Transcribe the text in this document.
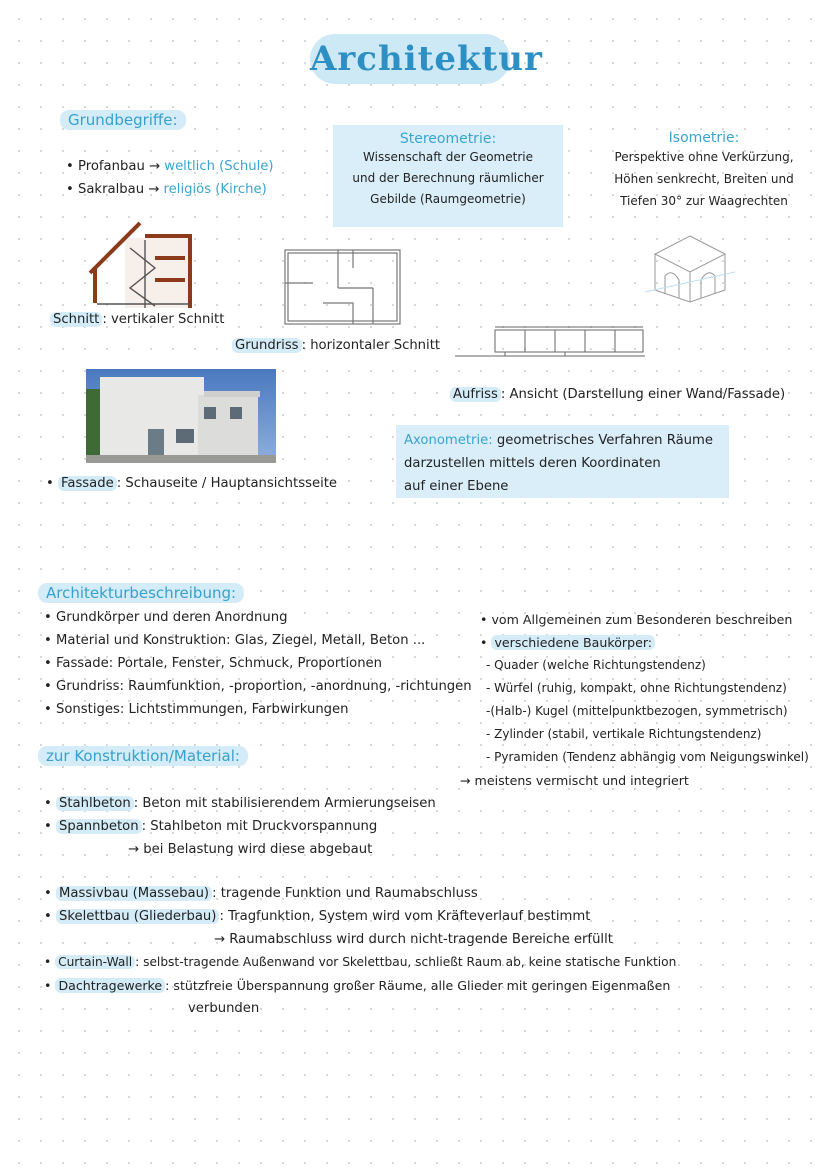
Architektur
Grundbegriffe:
• Profanbau → weltlich (Schule)
• Sakralbau → religiös (Kirche)
Stereometrie:
Wissenschaft der Geometrie
und der Berechnung räumlicher
Gebilde (Raumgeometrie)
Isometrie:
Perspektive ohne Verkürzung,
Höhen senkrecht, Breiten und
Tiefen 30° zur Waagrechten
Schnitt : vertikaler Schnitt
Grundriss : horizontaler Schnitt
Aufriss : Ansicht (Darstellung einer Wand/Fassade)
Axonometrie: geometrisches Verfahren Räume
darzustellen mittels deren Koordinaten
auf einer Ebene
• Fassade : Schauseite / Hauptansichtsseite
Architekturbeschreibung:
• Grundkörper und deren Anordnung
• Material und Konstruktion: Glas, Ziegel, Metall, Beton ...
• Fassade: Portale, Fenster, Schmuck, Proportionen
• Grundriss: Raumfunktion, -proportion, -anordnung, -richtungen
• Sonstiges: Lichtstimmungen, Farbwirkungen
• vom Allgemeinen zum Besonderen beschreiben
• verschiedene Baukörper:
- Quader (welche Richtungstendenz)
- Würfel (ruhig, kompakt, ohne Richtungstendenz)
-(Halb-) Kugel (mittelpunktbezogen, symmetrisch)
- Zylinder (stabil, vertikale Richtungstendenz)
- Pyramiden (Tendenz abhängig vom Neigungswinkel)
→ meistens vermischt und integriert
zur Konstruktion/Material:
• Stahlbeton : Beton mit stabilisierendem Armierungseisen
• Spannbeton : Stahlbeton mit Druckvorspannung
→ bei Belastung wird diese abgebaut
• Massivbau (Massebau) : tragende Funktion und Raumabschluss
• Skelettbau (Gliederbau) : Tragfunktion, System wird vom Kräfteverlauf bestimmt
→ Raumabschluss wird durch nicht-tragende Bereiche erfüllt
• Curtain-Wall : selbst-tragende Außenwand vor Skelettbau, schließt Raum ab, keine statische Funktion
• Dachtragewerke : stützfreie Überspannung großer Räume, alle Glieder mit geringen Eigenmaßen
verbunden
